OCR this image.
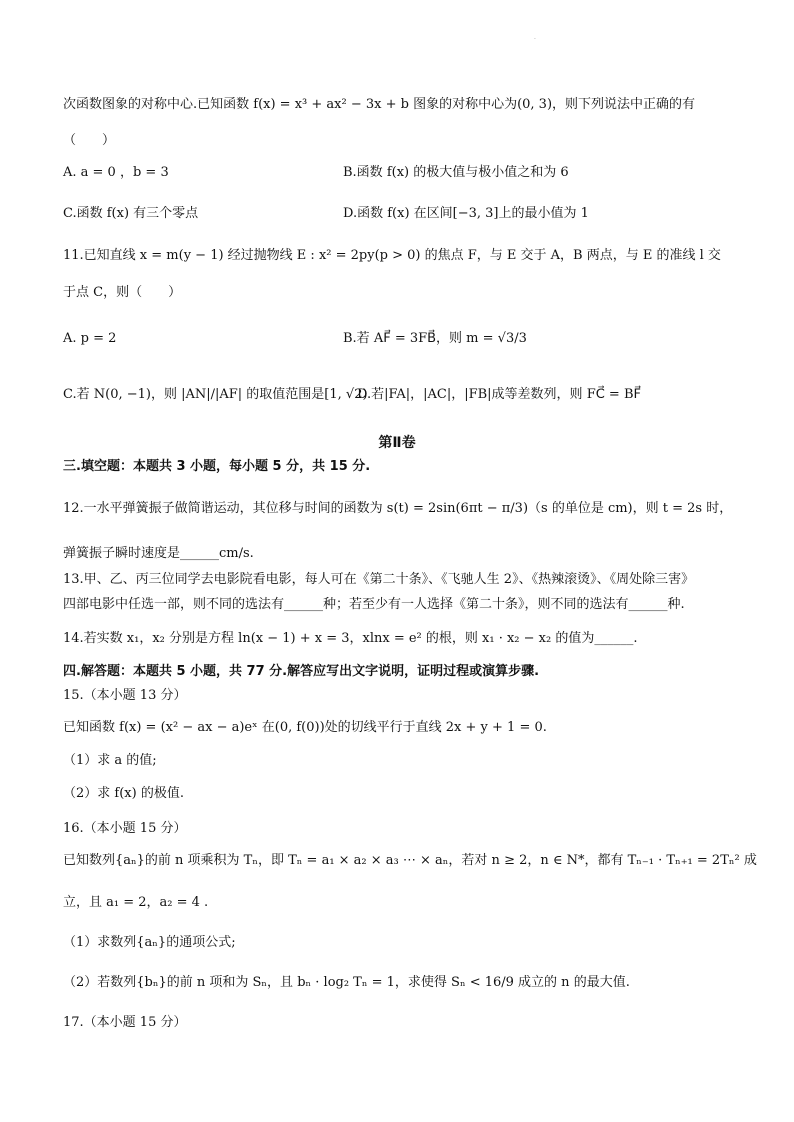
·
次函数图象的对称中心.已知函数 f(x) = x³ + ax² − 3x + b 图象的对称中心为(0, 3)，则下列说法中正确的有
（　　）
A. a = 0 ，b = 3	B.函数 f(x) 的极大值与极小值之和为 6
C.函数 f(x) 有三个零点	D.函数 f(x) 在区间[−3, 3]上的最小值为 1
11.已知直线 x = m(y − 1) 经过抛物线 E : x² = 2py(p > 0) 的焦点 F，与 E 交于 A，B 两点，与 E 的准线 l 交
于点 C，则（　　）
A. p = 2	B.若 AF⃗ = 3FB⃗，则 m = √3/3
C.若 N(0, −1)，则 |AN|/|AF| 的取值范围是[1, √2)
D.若|FA|，|AC|，|FB|成等差数列，则 FC⃗ = BF⃗
第Ⅱ卷
三.填空题：本题共 3 小题，每小题 5 分，共 15 分.
12.一水平弹簧振子做简谐运动，其位移与时间的函数为 s(t) = 2sin(6πt − π/3)（s 的单位是 cm)，则 t = 2s 时，
弹簧振子瞬时速度是______cm/s.
13.甲、乙、丙三位同学去电影院看电影，每人可在《第二十条》、《飞驰人生 2》、《热辣滚烫》、《周处除三害》
四部电影中任选一部，则不同的选法有______种；若至少有一人选择《第二十条》，则不同的选法有______种.
14.若实数 x₁，x₂ 分别是方程 ln(x − 1) + x = 3，xlnx = e² 的根，则 x₁ · x₂ − x₂ 的值为______.
四.解答题：本题共 5 小题，共 77 分.解答应写出文字说明，证明过程或演算步骤.
15.（本小题 13 分）
已知函数 f(x) = (x² − ax − a)eˣ 在(0, f(0))处的切线平行于直线 2x + y + 1 = 0.
（1）求 a 的值;
（2）求 f(x) 的极值.
16.（本小题 15 分）
已知数列{aₙ}的前 n 项乘积为 Tₙ，即 Tₙ = a₁ × a₂ × a₃ ⋯ × aₙ，若对 n ≥ 2，n ∈ N*，都有 Tₙ₋₁ · Tₙ₊₁ = 2Tₙ² 成
立，且 a₁ = 2，a₂ = 4 .
（1）求数列{aₙ}的通项公式;
（2）若数列{bₙ}的前 n 项和为 Sₙ，且 bₙ · log₂ Tₙ = 1，求使得 Sₙ < 16/9 成立的 n 的最大值.
17.（本小题 15 分）
